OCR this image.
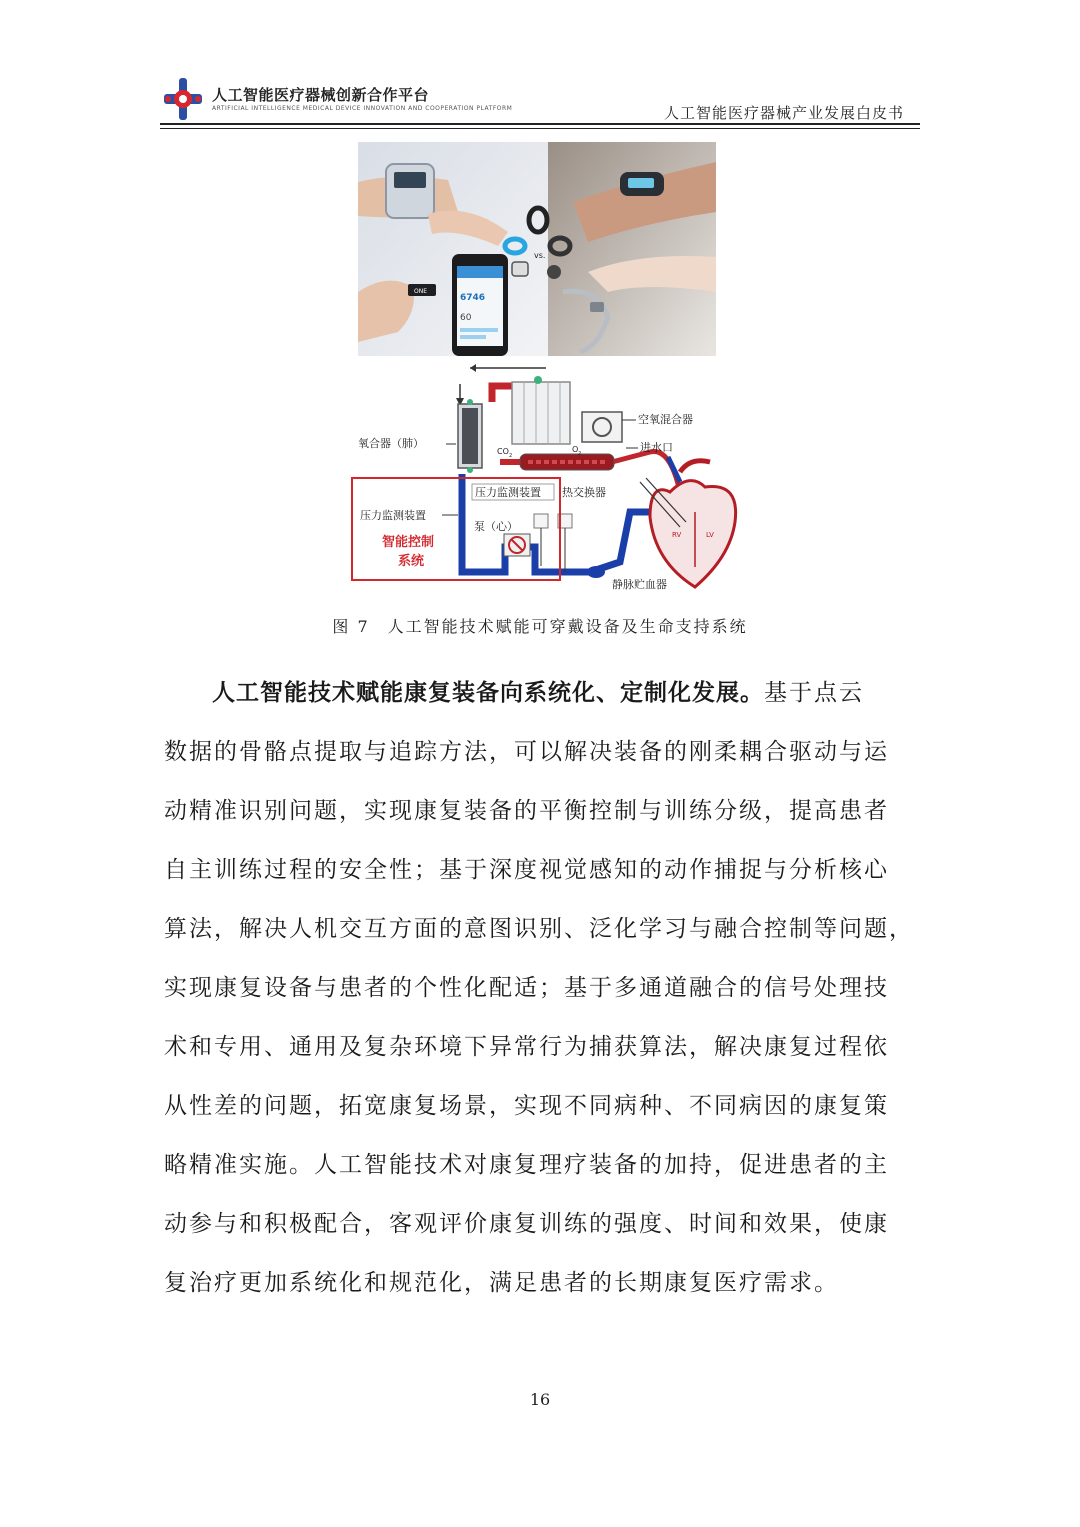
人工智能医疗器械创新合作平台
ARTIFICIAL INTELLIGENCE MEDICAL DEVICE INNOVATION AND COOPERATION PLATFORM	人工智能医疗器械产业发展白皮书
vs.
ONE
6746
60
氧合器（肺）
CO 2
O 2
空氧混合器
进水口
压力监测装置 热交换器
压力监测装置
泵（心）
智能控制
系统
静脉贮血器
RV	LV
图 7　人工智能技术赋能可穿戴设备及生命支持系统
人工智能技术赋能康复装备向系统化、定制化发展。基于点云
数据的骨骼点提取与追踪方法，可以解决装备的刚柔耦合驱动与运
动精准识别问题，实现康复装备的平衡控制与训练分级，提高患者
自主训练过程的安全性；基于深度视觉感知的动作捕捉与分析核心
算法，解决人机交互方面的意图识别、泛化学习与融合控制等问题，
实现康复设备与患者的个性化配适；基于多通道融合的信号处理技
术和专用、通用及复杂环境下异常行为捕获算法，解决康复过程依
从性差的问题，拓宽康复场景，实现不同病种、不同病因的康复策
略精准实施。人工智能技术对康复理疗装备的加持，促进患者的主
动参与和积极配合，客观评价康复训练的强度、时间和效果，使康
复治疗更加系统化和规范化，满足患者的长期康复医疗需求。
16
